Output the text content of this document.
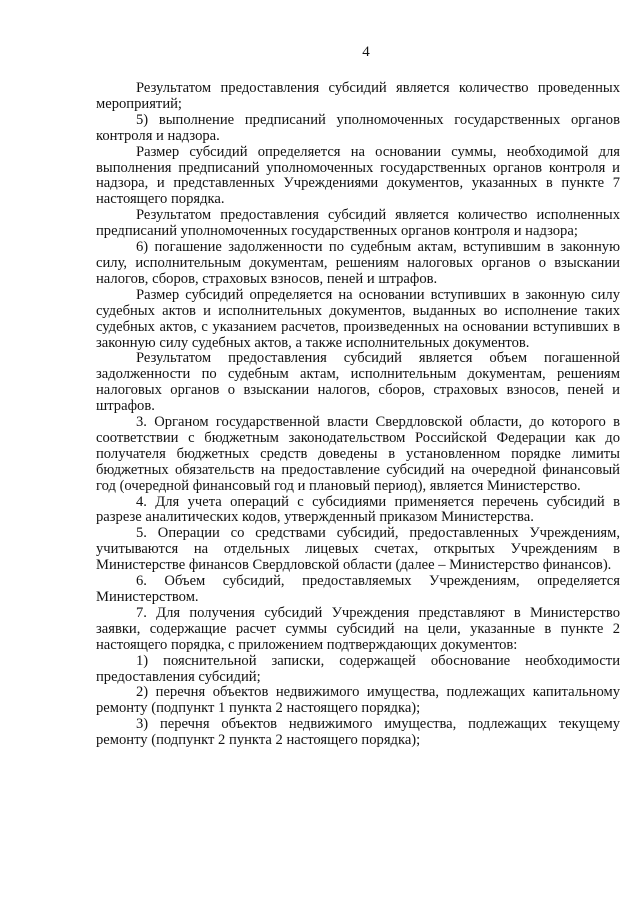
4

Результатом предоставления субсидий является количество проведенных мероприятий;

5) выполнение предписаний уполномоченных государственных органов контроля и надзора.

Размер субсидий определяется на основании суммы, необходимой для выполнения предписаний уполномоченных государственных органов контроля и надзора, и представленных Учреждениями документов, указанных в пункте 7 настоящего порядка.

Результатом предоставления субсидий является количество исполненных предписаний уполномоченных государственных органов контроля и надзора;

6) погашение задолженности по судебным актам, вступившим в законную силу, исполнительным документам, решениям налоговых органов о взыскании налогов, сборов, страховых взносов, пеней и штрафов.

Размер субсидий определяется на основании вступивших в законную силу судебных актов и исполнительных документов, выданных во исполнение таких судебных актов, с указанием расчетов, произведенных на основании вступивших в законную силу судебных актов, а также исполнительных документов.

Результатом предоставления субсидий является объем погашенной задолженности по судебным актам, исполнительным документам, решениям налоговых органов о взыскании налогов, сборов, страховых взносов, пеней и штрафов.

3. Органом государственной власти Свердловской области, до которого в соответствии с бюджетным законодательством Российской Федерации как до получателя бюджетных средств доведены в установленном порядке лимиты бюджетных обязательств на предоставление субсидий на очередной финансовый год (очередной финансовый год и плановый период), является Министерство.

4. Для учета операций с субсидиями применяется перечень субсидий в разрезе аналитических кодов, утвержденный приказом Министерства.

5. Операции со средствами субсидий, предоставленных Учреждениям, учитываются на отдельных лицевых счетах, открытых Учреждениям в Министерстве финансов Свердловской области (далее – Министерство финансов).

6. Объем субсидий, предоставляемых Учреждениям, определяется Министерством.

7. Для получения субсидий Учреждения представляют в Министерство заявки, содержащие расчет суммы субсидий на цели, указанные в пункте 2 настоящего порядка, с приложением подтверждающих документов:

1) пояснительной записки, содержащей обоснование необходимости предоставления субсидий;

2) перечня объектов недвижимого имущества, подлежащих капитальному ремонту (подпункт 1 пункта 2 настоящего порядка);

3) перечня объектов недвижимого имущества, подлежащих текущему ремонту (подпункт 2 пункта 2 настоящего порядка);
